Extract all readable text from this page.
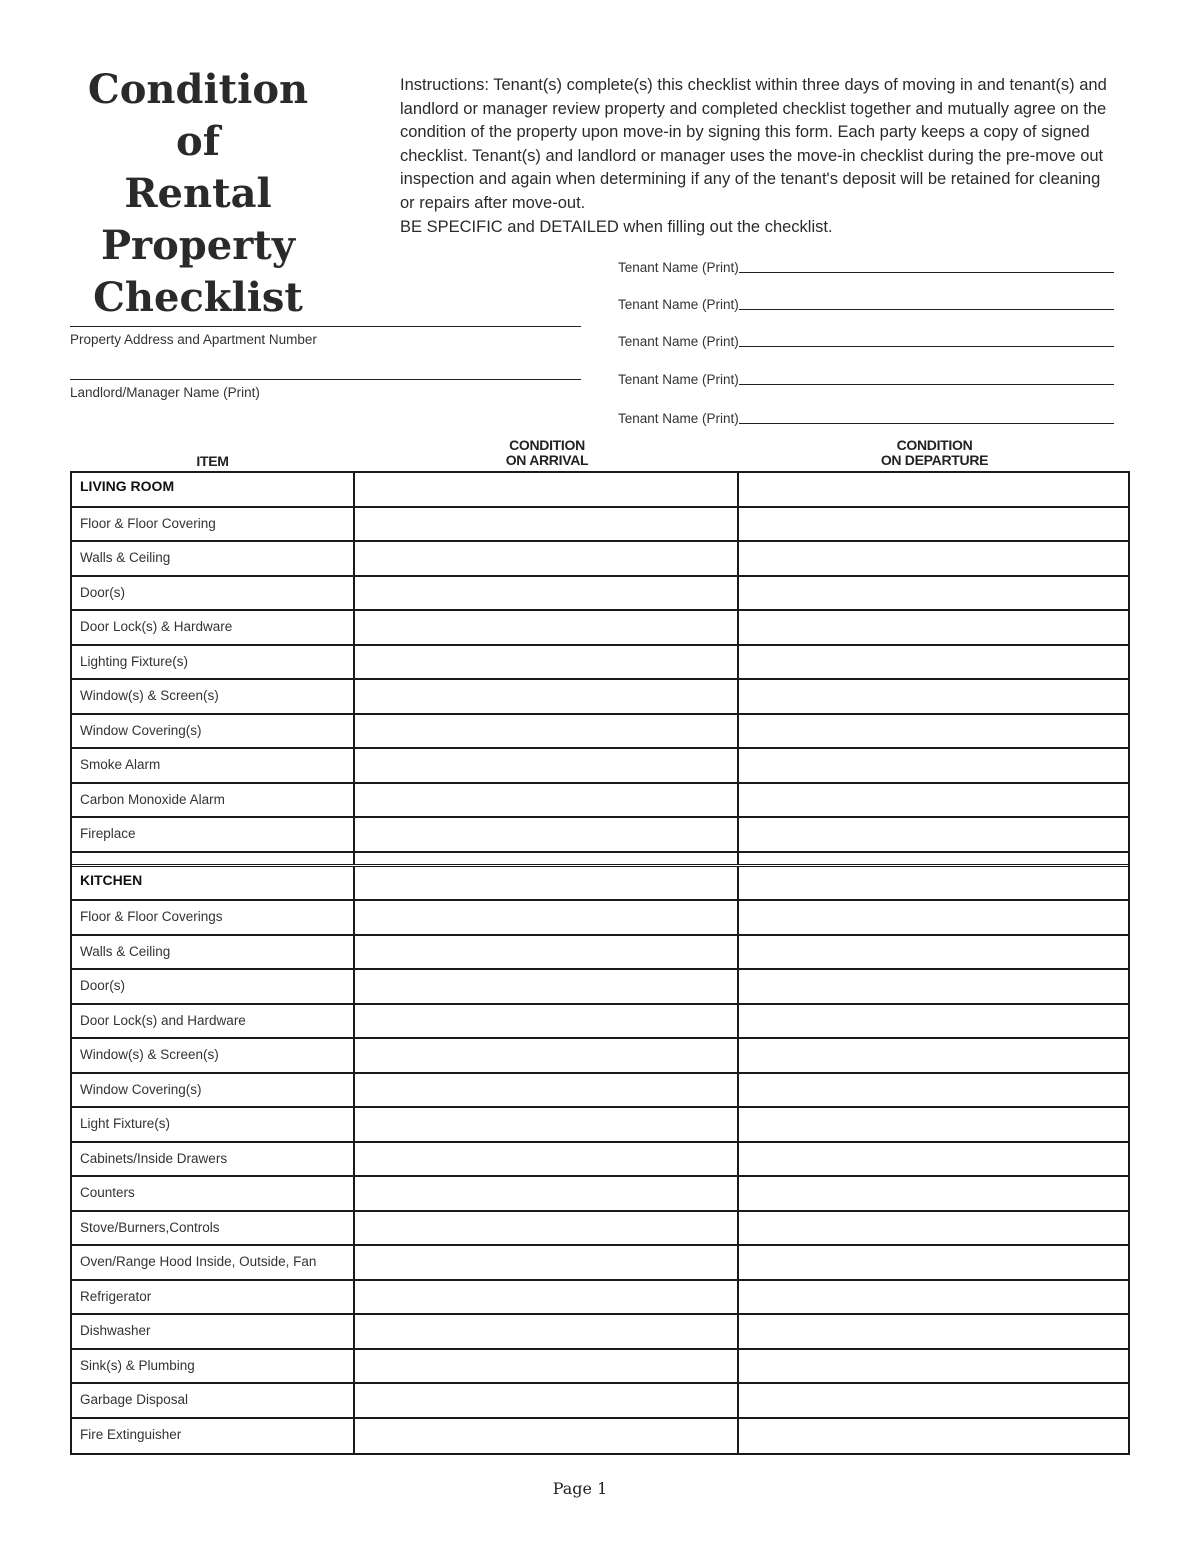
Condition of
Rental
Property
Checklist
Instructions: Tenant(s) complete(s) this checklist within three days of moving in and tenant(s) and landlord or manager review property and completed checklist together and mutually agree on the condition of the property upon move-in by signing this form. Each party keeps a copy of signed checklist. Tenant(s) and landlord or manager uses the move-in checklist during the pre-move out inspection and again when determining if any of the tenant's deposit will be retained for cleaning or repairs after move-out.
BE SPECIFIC and DETAILED when filling out the checklist.
Tenant Name (Print)
Tenant Name (Print)
Tenant Name (Print)
Tenant Name (Print)
Tenant Name (Print)
Property Address and Apartment Number
Landlord/Manager Name (Print)
ITEM
CONDITION
ON ARRIVAL
CONDITION
ON DEPARTURE
LIVING ROOM
Floor & Floor Covering
Walls & Ceiling
Door(s)
Door Lock(s) & Hardware
Lighting Fixture(s)
Window(s) & Screen(s)
Window Covering(s)
Smoke Alarm
Carbon Monoxide Alarm
Fireplace
KITCHEN
Floor & Floor Coverings
Walls & Ceiling
Door(s)
Door Lock(s) and Hardware
Window(s) & Screen(s)
Window Covering(s)
Light Fixture(s)
Cabinets/Inside Drawers
Counters
Stove/Burners,Controls
Oven/Range Hood Inside, Outside, Fan
Refrigerator
Dishwasher
Sink(s) & Plumbing
Garbage Disposal
Fire Extinguisher
Page 1
